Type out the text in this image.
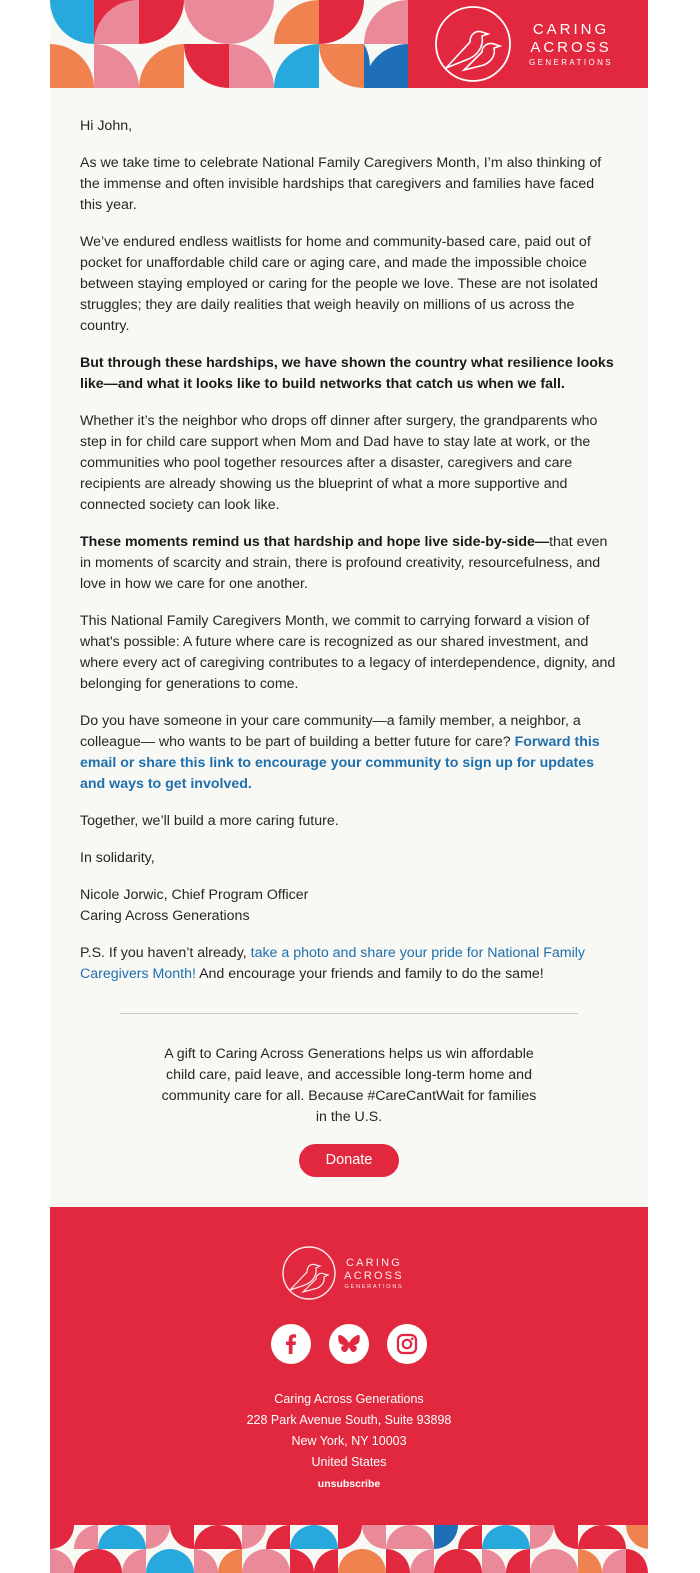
CARING
ACROSS
GENERATIONS

Hi John,

As we take time to celebrate National Family Caregivers Month, I’m also thinking of the immense and often invisible hardships that caregivers and families have faced this year.

We’ve endured endless waitlists for home and community-based care, paid out of pocket for unaffordable child care or aging care, and made the impossible choice between staying employed or caring for the people we love. These are not isolated struggles; they are daily realities that weigh heavily on millions of us across the country.

But through these hardships, we have shown the country what resilience looks like—and what it looks like to build networks that catch us when we fall.

Whether it’s the neighbor who drops off dinner after surgery, the grandparents who step in for child care support when Mom and Dad have to stay late at work, or the communities who pool together resources after a disaster, caregivers and care recipients are already showing us the blueprint of what a more supportive and connected society can look like.

These moments remind us that hardship and hope live side-by-side—that even in moments of scarcity and strain, there is profound creativity, resourcefulness, and love in how we care for one another.

This National Family Caregivers Month, we commit to carrying forward a vision of what's possible: A future where care is recognized as our shared investment, and where every act of caregiving contributes to a legacy of interdependence, dignity, and belonging for generations to come.

Do you have someone in your care community—a family member, a neighbor, a colleague— who wants to be part of building a better future for care? Forward this email or share this link to encourage your community to sign up for updates and ways to get involved.

Together, we’ll build a more caring future.

In solidarity,

Nicole Jorwic, Chief Program Officer
Caring Across Generations

P.S. If you haven’t already, take a photo and share your pride for National Family Caregivers Month! And encourage your friends and family to do the same!

A gift to Caring Across Generations helps us win affordable child care, paid leave, and accessible long-term home and community care for all. Because #CareCantWait for families in the U.S.
Donate
CARING
ACROSS
GENERATIONS
Caring Across Generations
228 Park Avenue South, Suite 93898
New York, NY 10003
United States
unsubscribe
